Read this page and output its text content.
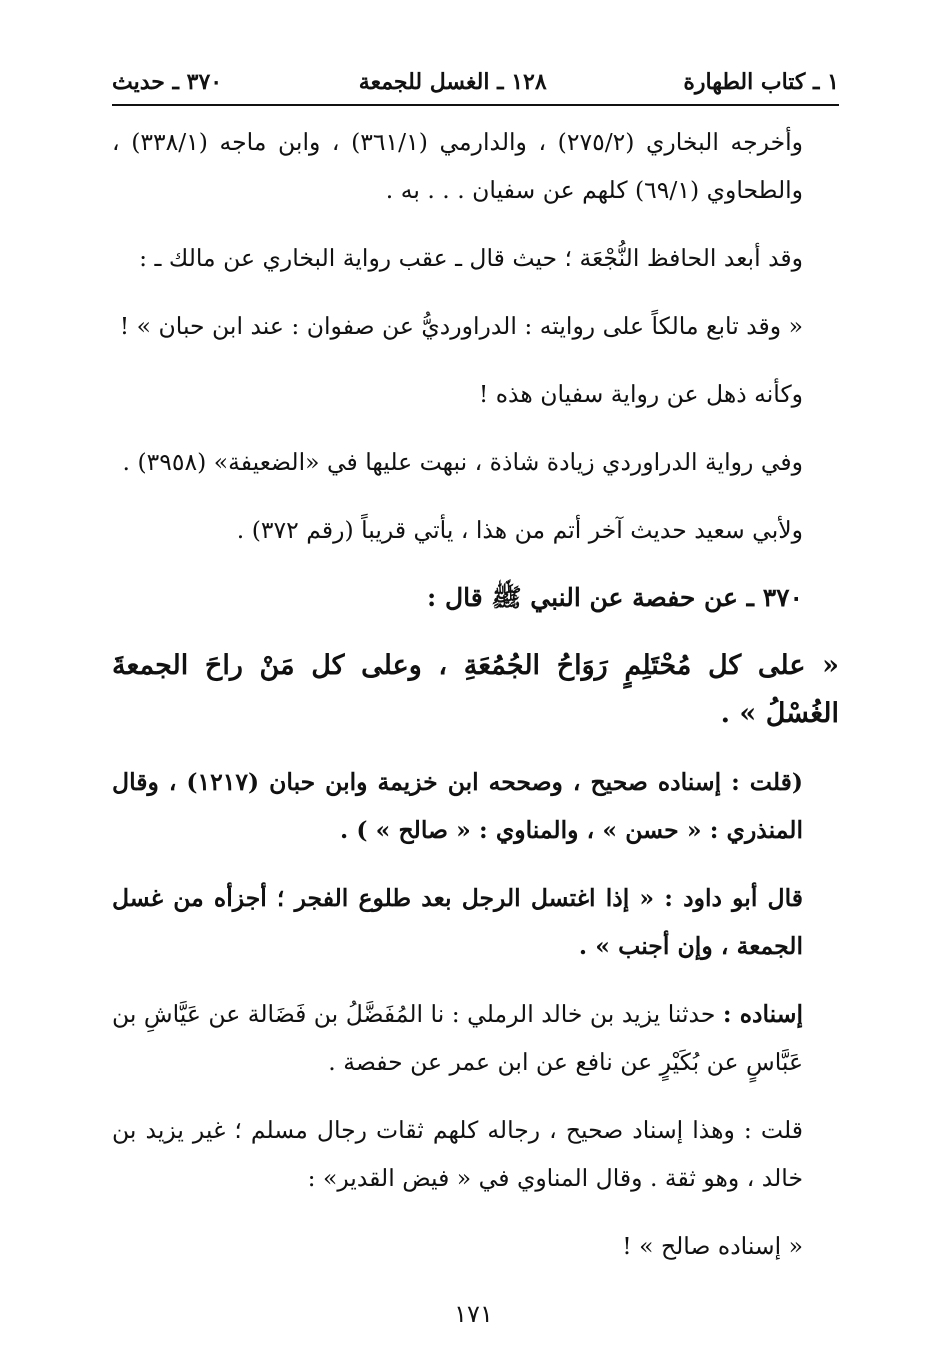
١ ـ كتاب الطهارة
١٢٨ ـ الغسل للجمعة
٣٧٠ ـ حديث

وأخرجه البخاري (٢٧٥/٢) ، والدارمي (٣٦١/١) ، وابن ماجه (٣٣٨/١) ، والطحاوي (٦٩/١) كلهم عن سفيان . . . به .

وقد أبعد الحافظ النُّجْعَة ؛ حيث قال ـ عقب رواية البخاري عن مالك ـ :

« وقد تابع مالكاً على روايته : الدراورديُّ عن صفوان : عند ابن حبان » !

وكأنه ذهل عن رواية سفيان هذه !

وفي رواية الدراوردي زيادة شاذة ، نبهت عليها في «الضعيفة» (٣٩٥٨) .

ولأبي سعيد حديث آخر أتم من هذا ، يأتي قريباً (رقم ٣٧٢) .

٣٧٠ ـ عن حفصة عن النبي ﷺ قال :

« على كل مُحْتَلِمٍ رَوَاحُ الجُمُعَةِ ، وعلى كل مَنْ راحَ الجمعةَ الغُسْلُ » .

(قلت : إسناده صحيح ، وصححه ابن خزيمة وابن حبان (١٢١٧) ، وقال المنذري : « حسن » ، والمناوي : « صالح » ) .

قال أبو داود : « إذا اغتسل الرجل بعد طلوع الفجر ؛ أجزأه من غسل الجمعة ، وإن أجنب » .

إسناده : حدثنا يزيد بن خالد الرملي : نا المُفَضَّلُ بن فَضَالة عن عَيَّاشِ بن عَبَّاسٍ عن بُكَيْرٍ عن نافع عن ابن عمر عن حفصة .

قلت : وهذا إسناد صحيح ، رجاله كلهم ثقات رجال مسلم ؛ غير يزيد بن خالد ، وهو ثقة . وقال المناوي في « فيض القدير» :

« إسناده صالح » !

١٧١
